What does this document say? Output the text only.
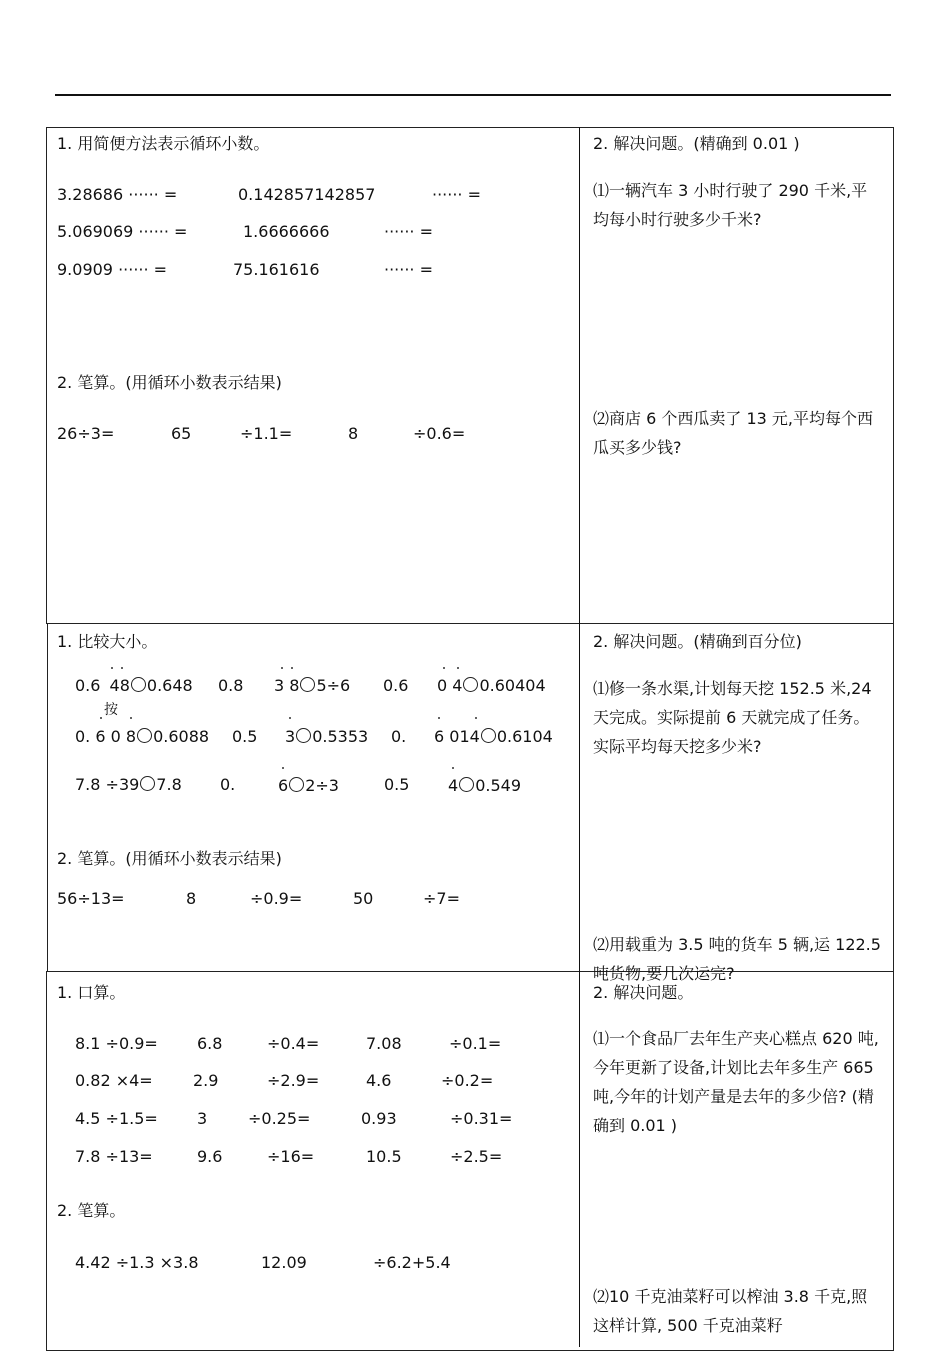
1. 用简便方法表示循环小数。
3.28686 ······ =	0.142857142857	······ =
5.069069 ······ =	1.6666666	······ =
9.0909 ······ =	75.161616	······ =
2. 笔算。(用循环小数表示结果)
26÷3=	65	÷1.1=	8	÷0.6=
2. 解决问题。(精确到 0.01 )
⑴一辆汽车 3 小时行驶了 290 千米,平均每小时行驶多少千米?
⑵商店 6 个西瓜卖了 13 元,平均每个西瓜买多少钱?
1. 比较大小。
0.6 48 0.648 0.8 3 8 5÷6 0.6 0 4 0.60404
按
0. 6 0 8 0.6088 0.5 3 0.5353 0. 6 014 0.6104
7.8 ÷39 7.8 0.	6 2÷3	0.5 4 0.549
2. 笔算。(用循环小数表示结果)
56÷13=	8	÷0.9=	50	÷7=
2. 解决问题。(精确到百分位)
⑴修一条水渠,计划每天挖 152.5 米,24 天完成。实际提前 6 天就完成了任务。实际平均每天挖多少米?
⑵用载重为 3.5 吨的货车 5 辆,运 122.5 吨货物,要几次运完?
1. 口算。
8.1 ÷0.9= 6.8	÷0.4=	7.08	÷0.1=
0.82 ×4=	2.9	÷2.9=	4.6	÷0.2=
4.5 ÷1.5= 3	÷0.25=	0.93	÷0.31=
7.8 ÷13=	9.6	÷16=	10.5	÷2.5=
2. 笔算。
4.42 ÷1.3 ×3.8	12.09	÷6.2+5.4
2. 解决问题。
⑴一个食品厂去年生产夹心糕点 620 吨,今年更新了设备,计划比去年多生产 665 吨,今年的计划产量是去年的多少倍? (精确到 0.01 )
⑵10 千克油菜籽可以榨油 3.8 千克,照这样计算, 500 千克油菜籽
